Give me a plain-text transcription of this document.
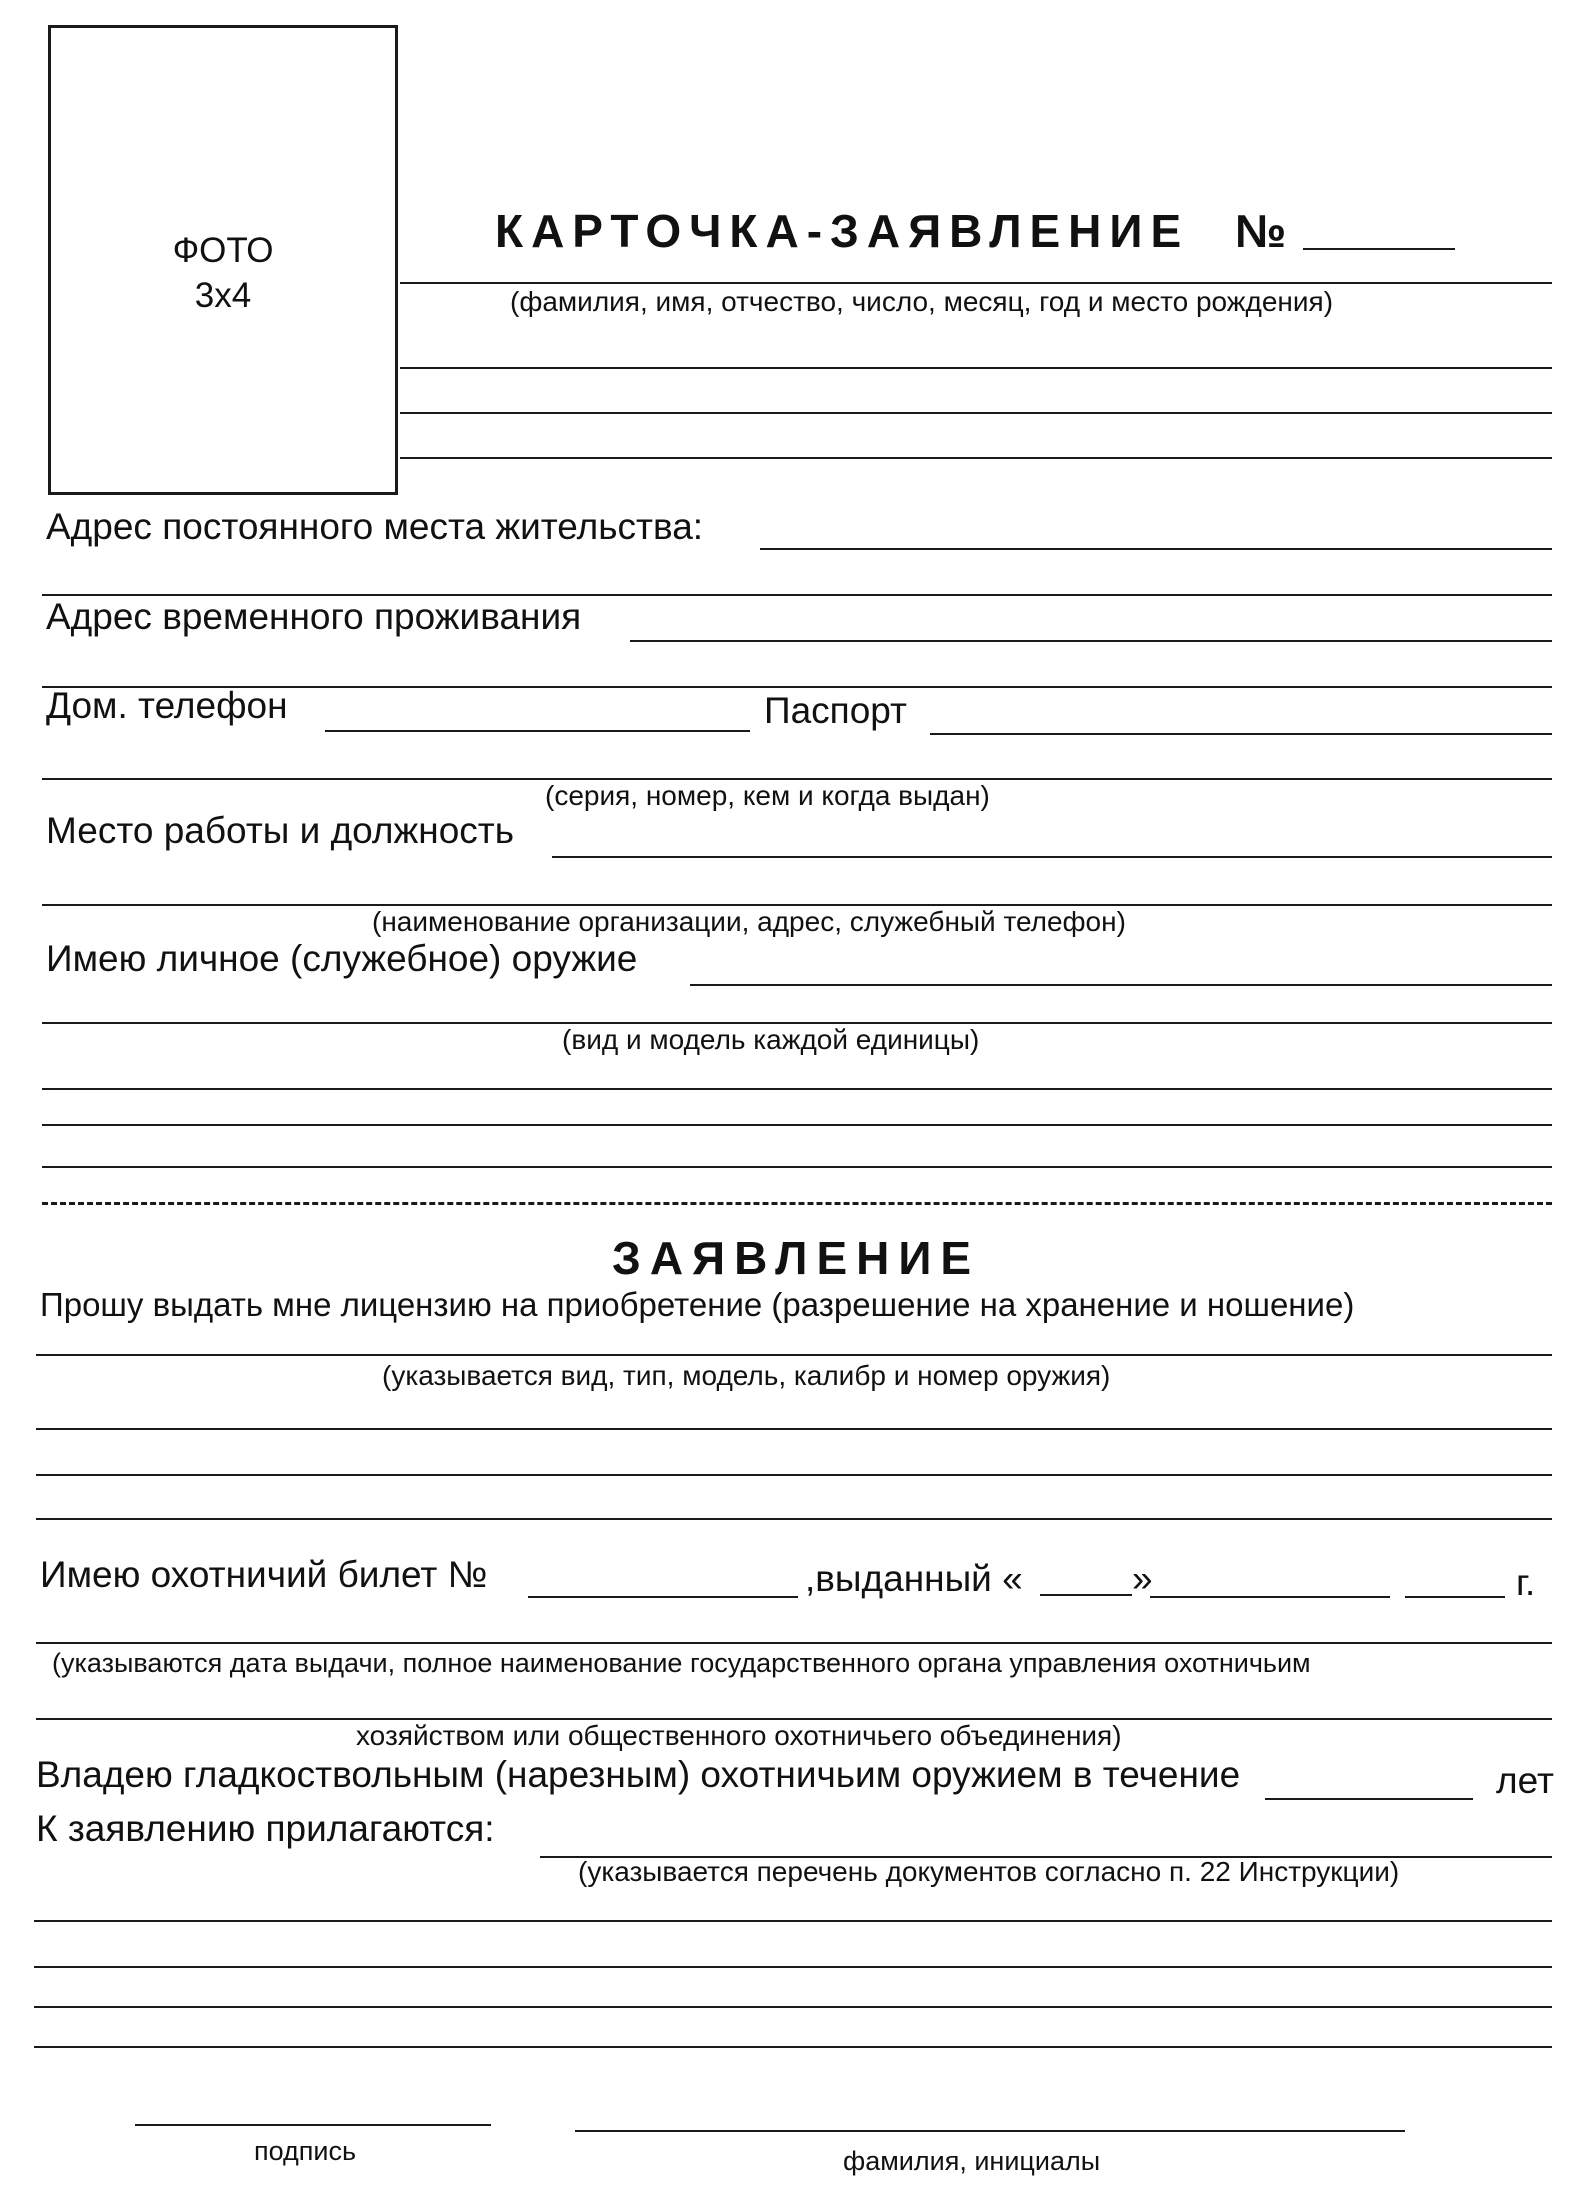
ФОТО
3х4
КАРТОЧКА-ЗАЯВЛЕНИЕ №
(фамилия, имя, отчество, число, месяц, год и место рождения)
Адрес постоянного места жительства:
Адрес временного проживания
Дом. телефон	Паспорт
(серия, номер, кем и когда выдан)
Место работы и должность
(наименование организации, адрес, служебный телефон)
Имею личное (служебное) оружие
(вид и модель каждой единицы)
ЗАЯВЛЕНИЕ
Прошу выдать мне лицензию на приобретение (разрешение на хранение и ношение)
(указывается вид, тип, модель, калибр и номер оружия)
Имею охотничий билет №	,выданный «	»	г.
(указываются дата выдачи, полное наименование государственного органа управления охотничьим
хозяйством или общественного охотничьего объединения)
Владею гладкоствольным (нарезным) охотничьим оружием в течение	лет
К заявлению прилагаются:
(указывается перечень документов согласно п. 22 Инструкции)
подпись	фамилия, инициалы
